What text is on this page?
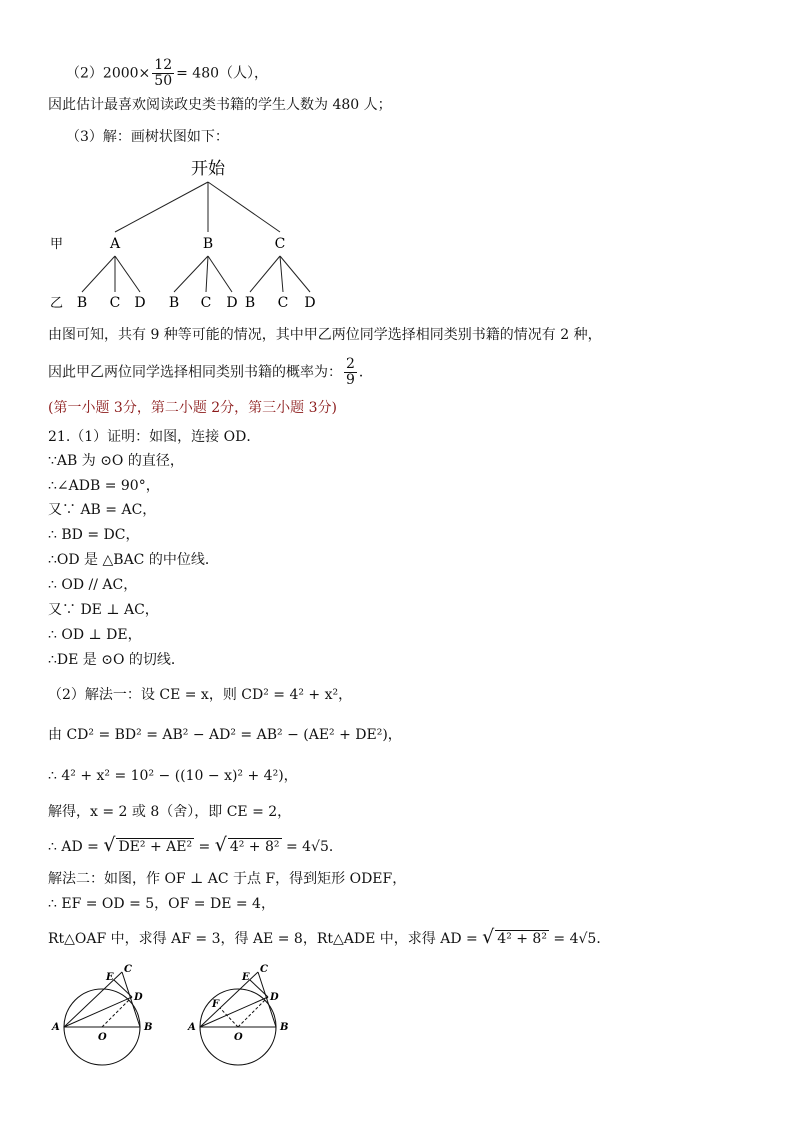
$(2)2000\times \frac{12}{50} = 480$（人），
因此估计最喜欢阅读政史类书籍的学生人数为 480 人；
（3）解：画树状图如下：
开始
甲
乙
A	B	C
B C D B C D B C D
由图可知，共有 9 种等可能的情况，其中甲乙两位同学选择相同类别书籍的情况有 2 种，
因此甲乙两位同学选择相同类别书籍的概率为： $\frac{2}{9}$ ．
(第一小题 3分，第二小题 2分，第三小题 3分)
21.（1）证明：如图，连接 OD．
∵AB 为 ⊙O 的直径，
∴∠ADB = 90°，
又∵ AB = AC，
∴ BD = DC，
∴OD 是 △BAC 的中位线．
∴ OD // AC，
又∵ DE ⊥ AC，
∴ OD ⊥ DE，
∴DE 是 ⊙O 的切线．
（2）解法一：设 CE = x，则 CD² = 4² + x²，
由 CD² = BD² = AB² − AD² = AB² − (AE² + DE²)，
∴ 4² + x² = 10² − ((10 − x)² + 4²)，
解得，x = 2 或 8（舍），即 CE = 2，
∴ AD = √ DE² + AE² = √ 4² + 8² = 4√5．
解法二：如图，作 OF ⊥ AC 于点 F，得到矩形 ODEF，
∴ EF = OD = 5，OF = DE = 4，
Rt△OAF 中，求得 AF = 3，得 AE = 8，Rt△ADE 中，求得 AD = √ 4² + 8² = 4√5．
E
C
D
A	B
O
E
C
F
D
A	B
O
